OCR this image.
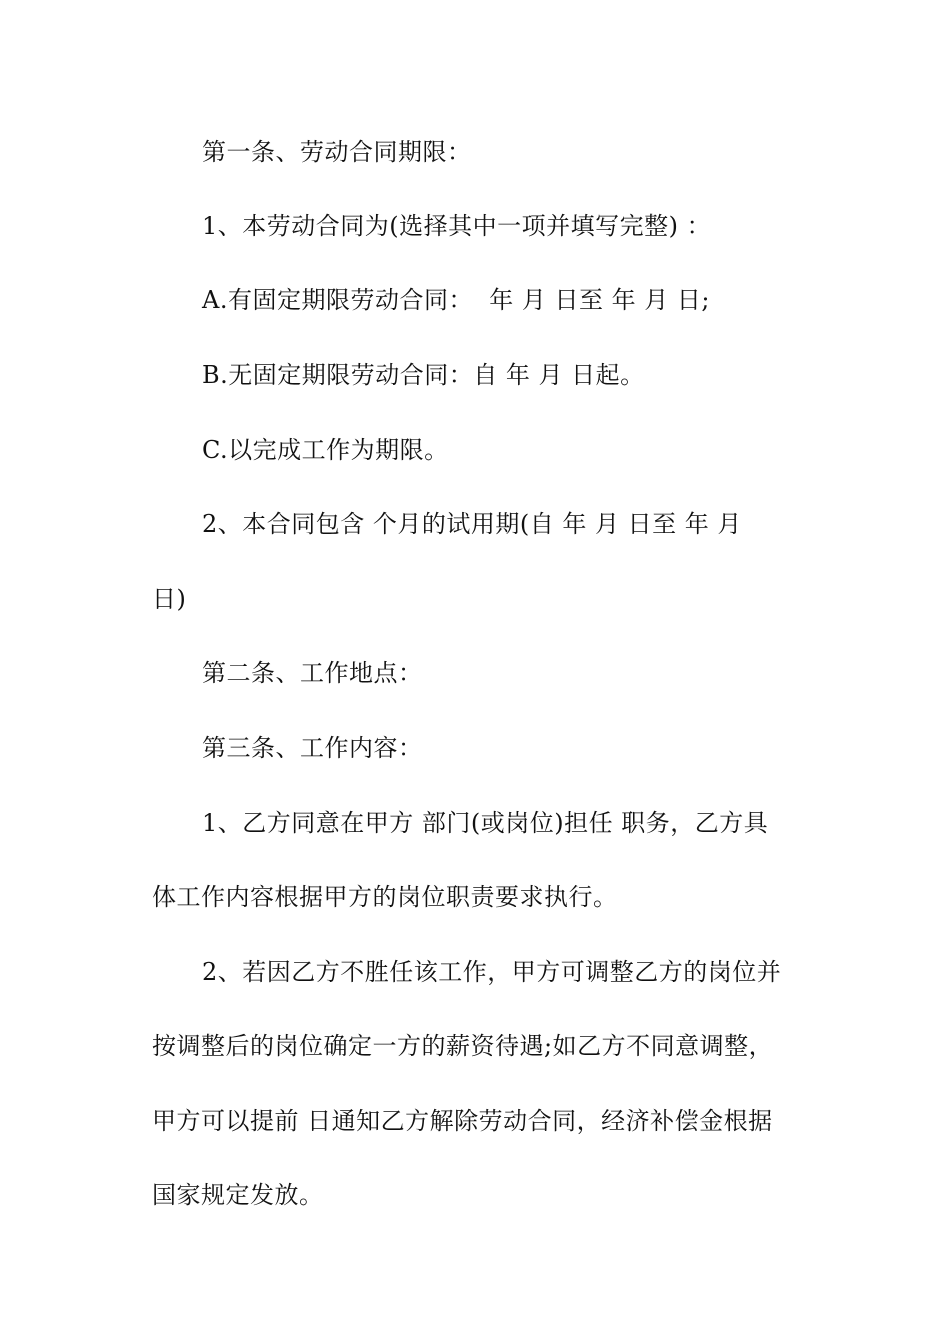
第一条、劳动合同期限：
1、本劳动合同为(选择其中一项并填写完整) ：
A.有固定期限劳动合同：  年 月 日至 年 月 日;
B.无固定期限劳动合同：自 年 月 日起。
C.以完成工作为期限。
2、本合同包含 个月的试用期(自 年 月 日至 年 月
日)
第二条、工作地点：
第三条、工作内容：
1、乙方同意在甲方 部门(或岗位)担任 职务，乙方具
体工作内容根据甲方的岗位职责要求执行。
2、若因乙方不胜任该工作，甲方可调整乙方的岗位并
按调整后的岗位确定一方的薪资待遇;如乙方不同意调整，
甲方可以提前 日通知乙方解除劳动合同，经济补偿金根据
国家规定发放。
